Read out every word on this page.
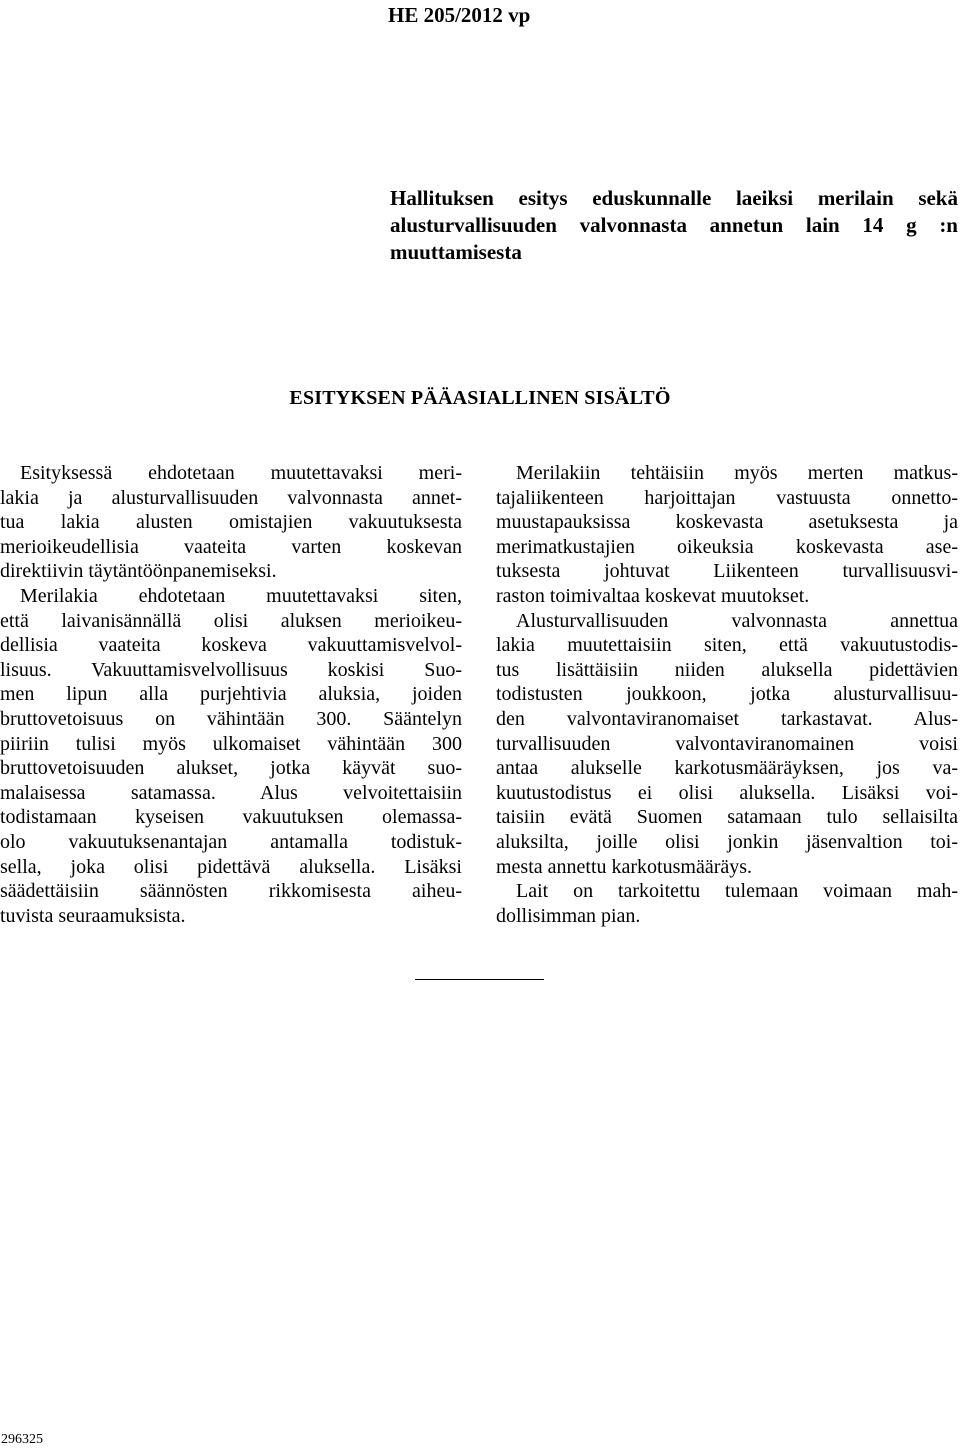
HE 205/2012 vp
Hallituksen esitys eduskunnalle laeiksi merilain sekä
alusturvallisuuden valvonnasta annetun lain 14 g :n
muuttamisesta
ESITYKSEN PÄÄASIALLINEN SISÄLTÖ
Esityksessä ehdotetaan muutettavaksi meri-
lakia ja alusturvallisuuden valvonnasta annet-
tua lakia alusten omistajien vakuutuksesta
merioikeudellisia vaateita varten koskevan
direktiivin täytäntöönpanemiseksi.
Merilakia ehdotetaan muutettavaksi siten,
että laivanisännällä olisi aluksen merioikeu-
dellisia vaateita koskeva vakuuttamisvelvol-
lisuus. Vakuuttamisvelvollisuus koskisi Suo-
men lipun alla purjehtivia aluksia, joiden
bruttovetoisuus on vähintään 300. Sääntelyn
piiriin tulisi myös ulkomaiset vähintään 300
bruttovetoisuuden alukset, jotka käyvät suo-
malaisessa satamassa. Alus velvoitettaisiin
todistamaan kyseisen vakuutuksen olemassa-
olo vakuutuksenantajan antamalla todistuk-
sella, joka olisi pidettävä aluksella. Lisäksi
säädettäisiin säännösten rikkomisesta aiheu-
tuvista seuraamuksista.
Merilakiin tehtäisiin myös merten matkus-
tajaliikenteen harjoittajan vastuusta onnetto-
muustapauksissa koskevasta asetuksesta ja
merimatkustajien oikeuksia koskevasta ase-
tuksesta johtuvat Liikenteen turvallisuusvi-
raston toimivaltaa koskevat muutokset.
Alusturvallisuuden valvonnasta annettua
lakia muutettaisiin siten, että vakuutustodis-
tus lisättäisiin niiden aluksella pidettävien
todistusten joukkoon, jotka alusturvallisuu-
den valvontaviranomaiset tarkastavat. Alus-
turvallisuuden valvontaviranomainen voisi
antaa alukselle karkotusmääräyksen, jos va-
kuutustodistus ei olisi aluksella. Lisäksi voi-
taisiin evätä Suomen satamaan tulo sellaisilta
aluksilta, joille olisi jonkin jäsenvaltion toi-
mesta annettu karkotusmääräys.
Lait on tarkoitettu tulemaan voimaan mah-
dollisimman pian.
296325
